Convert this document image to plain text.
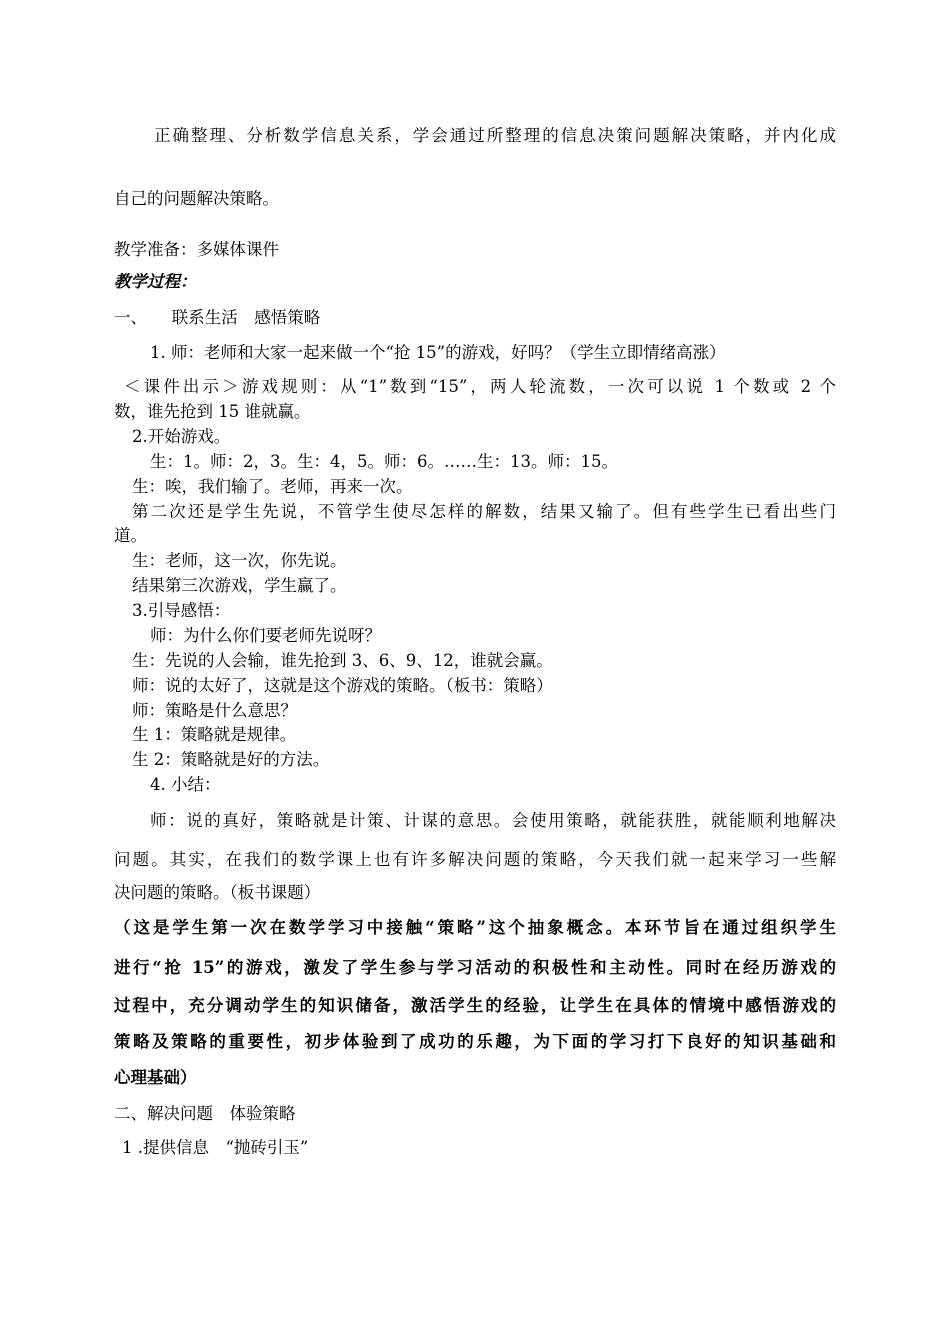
正确整理、分析数学信息关系，学会通过所整理的信息决策问题解决策略，并内化成
自己的问题解决策略。
教学准备：多媒体课件
教学过程：
一、　　联系生活　感悟策略
1. 师：老师和大家一起来做一个“抢 15”的游戏，好吗？（学生立即情绪高涨）
＜课件出示＞游戏规则：从“1”数到“15”，两人轮流数，一次可以说 1 个数或 2 个
数，谁先抢到 15 谁就赢。
2.开始游戏。
生：1。师：2，3。生：4，5。师：6。……生：13。师：15。
生：唉，我们输了。老师，再来一次。
第二次还是学生先说，不管学生使尽怎样的解数，结果又输了。但有些学生已看出些门
道。
生：老师，这一次，你先说。
结果第三次游戏，学生赢了。
3.引导感悟：
师：为什么你们要老师先说呀？
生：先说的人会输，谁先抢到 3、6、9、12，谁就会赢。
师：说的太好了，这就是这个游戏的策略。（板书：策略）
师：策略是什么意思？
生 1：策略就是规律。
生 2：策略就是好的方法。
4. 小结：
师：说的真好，策略就是计策、计谋的意思。会使用策略，就能获胜，就能顺利地解决
问题。其实，在我们的数学课上也有许多解决问题的策略，今天我们就一起来学习一些解
决问题的策略。（板书课题）
（这是学生第一次在数学学习中接触“策略”这个抽象概念。本环节旨在通过组织学生
进行“抢 15”的游戏，激发了学生参与学习活动的积极性和主动性。同时在经历游戏的
过程中，充分调动学生的知识储备，激活学生的经验，让学生在具体的情境中感悟游戏的
策略及策略的重要性，初步体验到了成功的乐趣，为下面的学习打下良好的知识基础和
心理基础）
二、解决问题　体验策略
1 .提供信息　“抛砖引玉”
